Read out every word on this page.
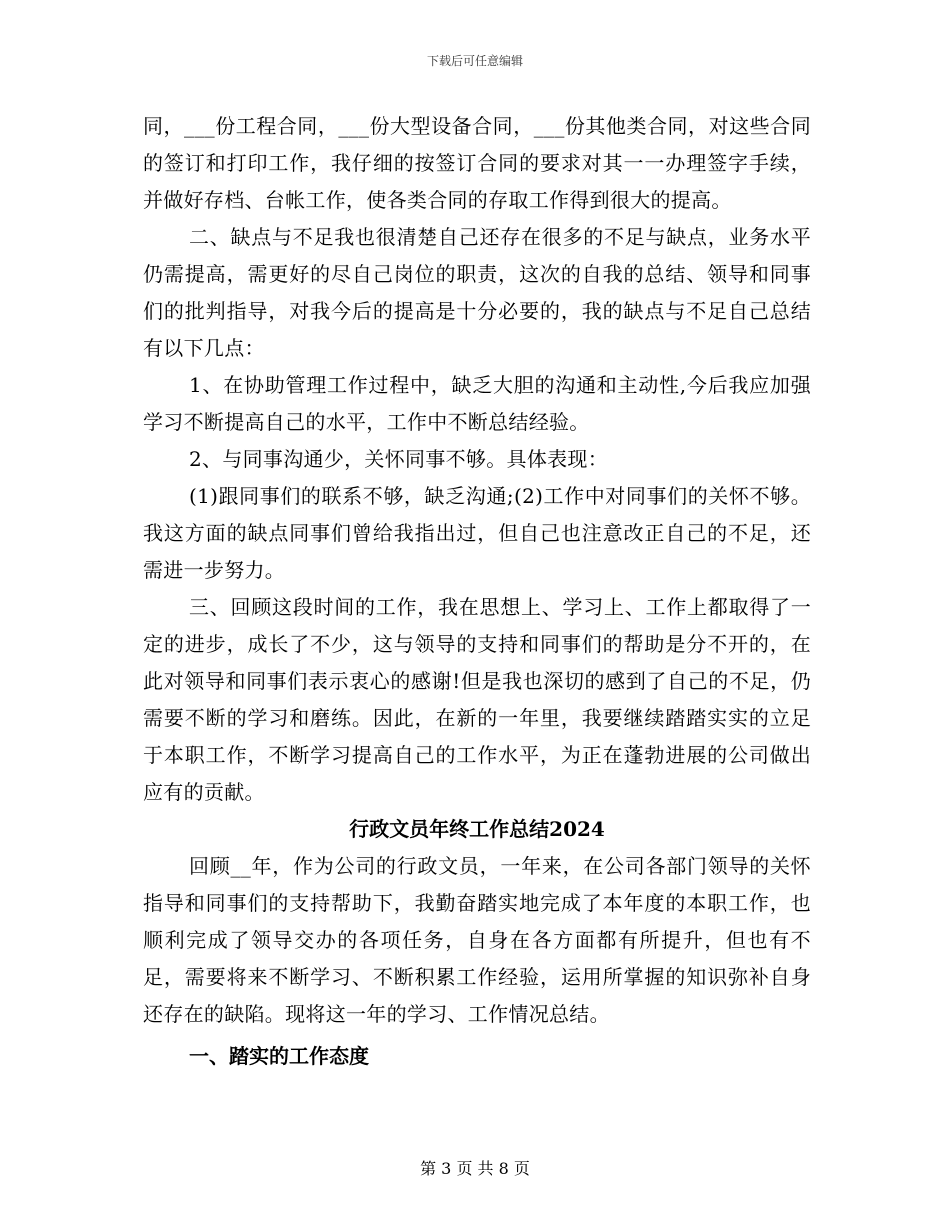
下载后可任意编辑

同，___份工程合同，___份大型设备合同，___份其他类合同，对这些合同的签订和打印工作，我仔细的按签订合同的要求对其一一办理签字手续，并做好存档、台帐工作，使各类合同的存取工作得到很大的提高。

二、缺点与不足我也很清楚自己还存在很多的不足与缺点，业务水平仍需提高，需更好的尽自己岗位的职责，这次的自我的总结、领导和同事们的批判指导，对我今后的提高是十分必要的，我的缺点与不足自己总结有以下几点：

1、在协助管理工作过程中，缺乏大胆的沟通和主动性,今后我应加强学习不断提高自己的水平，工作中不断总结经验。

2、与同事沟通少，关怀同事不够。具体表现：

(1)跟同事们的联系不够，缺乏沟通;(2)工作中对同事们的关怀不够。我这方面的缺点同事们曾给我指出过，但自己也注意改正自己的不足，还需进一步努力。

三、回顾这段时间的工作，我在思想上、学习上、工作上都取得了一定的进步，成长了不少，这与领导的支持和同事们的帮助是分不开的，在此对领导和同事们表示衷心的感谢!但是我也深切的感到了自己的不足，仍需要不断的学习和磨练。因此，在新的一年里，我要继续踏踏实实的立足于本职工作，不断学习提高自己的工作水平，为正在蓬勃进展的公司做出应有的贡献。

行政文员年终工作总结2024

回顾__年，作为公司的行政文员，一年来，在公司各部门领导的关怀指导和同事们的支持帮助下，我勤奋踏实地完成了本年度的本职工作，也顺利完成了领导交办的各项任务，自身在各方面都有所提升，但也有不足，需要将来不断学习、不断积累工作经验，运用所掌握的知识弥补自身还存在的缺陷。现将这一年的学习、工作情况总结。

一、踏实的工作态度
第 3 页 共 8 页
